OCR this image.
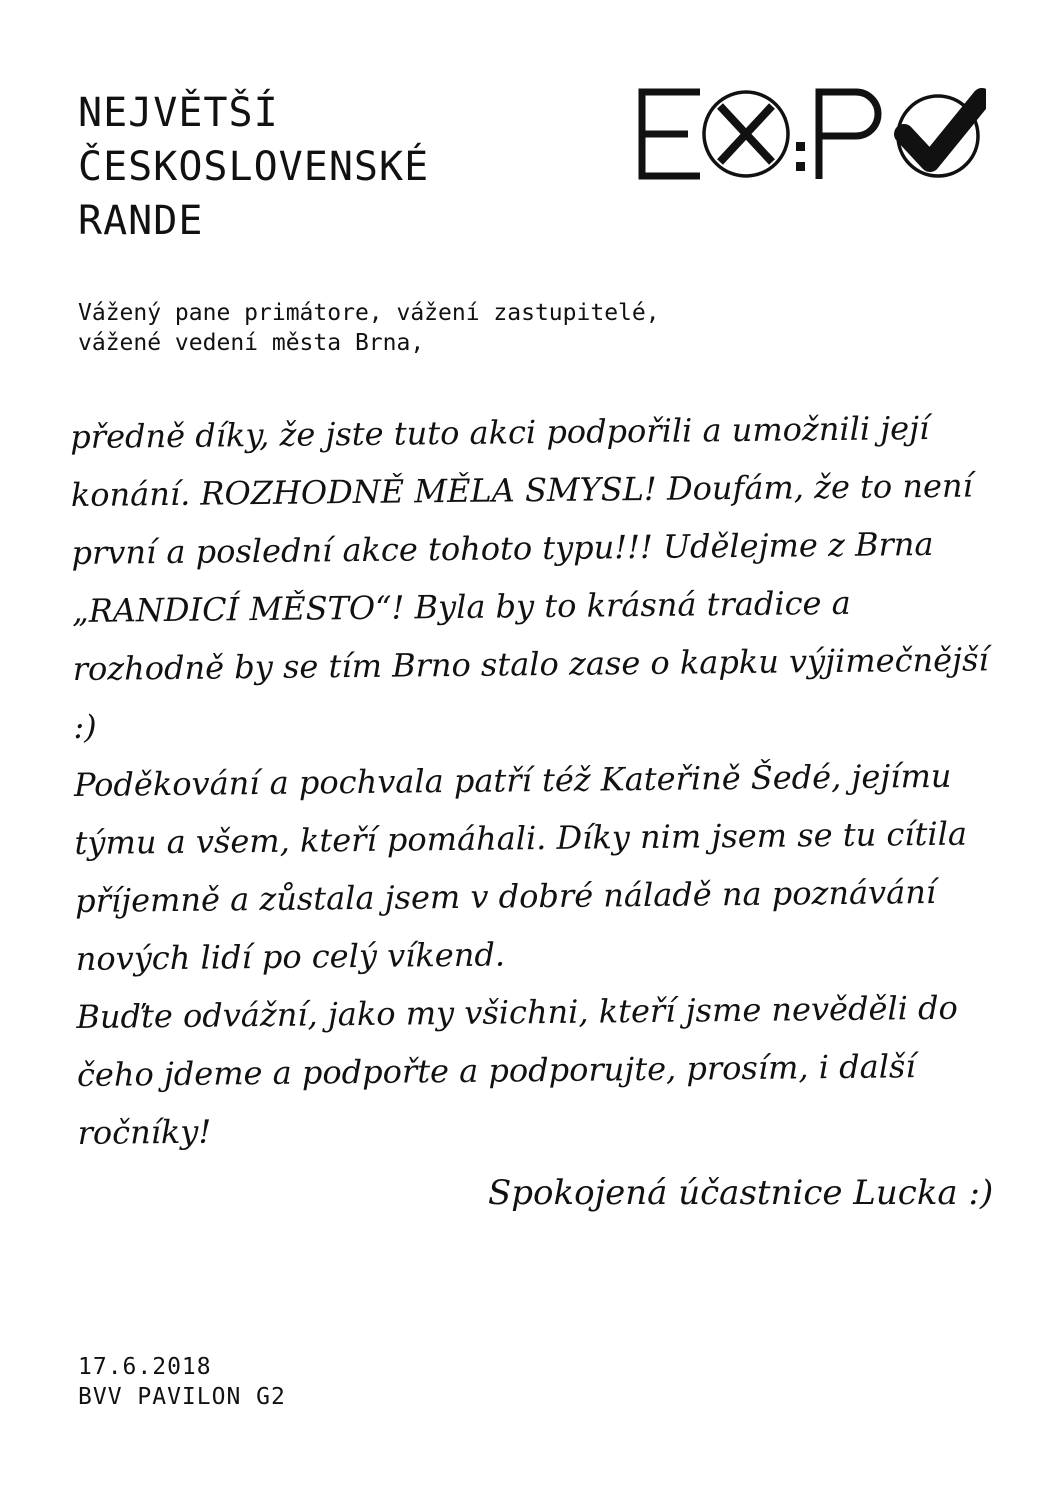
NEJVĚTŠÍ
ČESKOSLOVENSKÉ
RANDE
Vážený pane primátore, vážení zastupitelé,
vážené vedení města Brna,

předně díky, že jste tuto akci podpořili a umožnili její konání. ROZHODNĚ MĚLA SMYSL! Doufám, že to není první a poslední akce tohoto typu!!! Udělejme z Brna „RANDICÍ MĚSTO“! Byla by to krásná tradice a rozhodně by se tím Brno stalo zase o kapku výjimečnější :)

Poděkování a pochvala patří též Kateřině Šedé, jejímu týmu a všem, kteří pomáhali. Díky nim jsem se tu cítila příjemně a zůstala jsem v dobré náladě na poznávání nových lidí po celý víkend.

Buďte odvážní, jako my všichni, kteří jsme nevěděli do čeho jdeme a podpořte a podporujte, prosím, i další ročníky!

Spokojená účastnice Lucka :)
17.6.2018
BVV PAVILON G2
